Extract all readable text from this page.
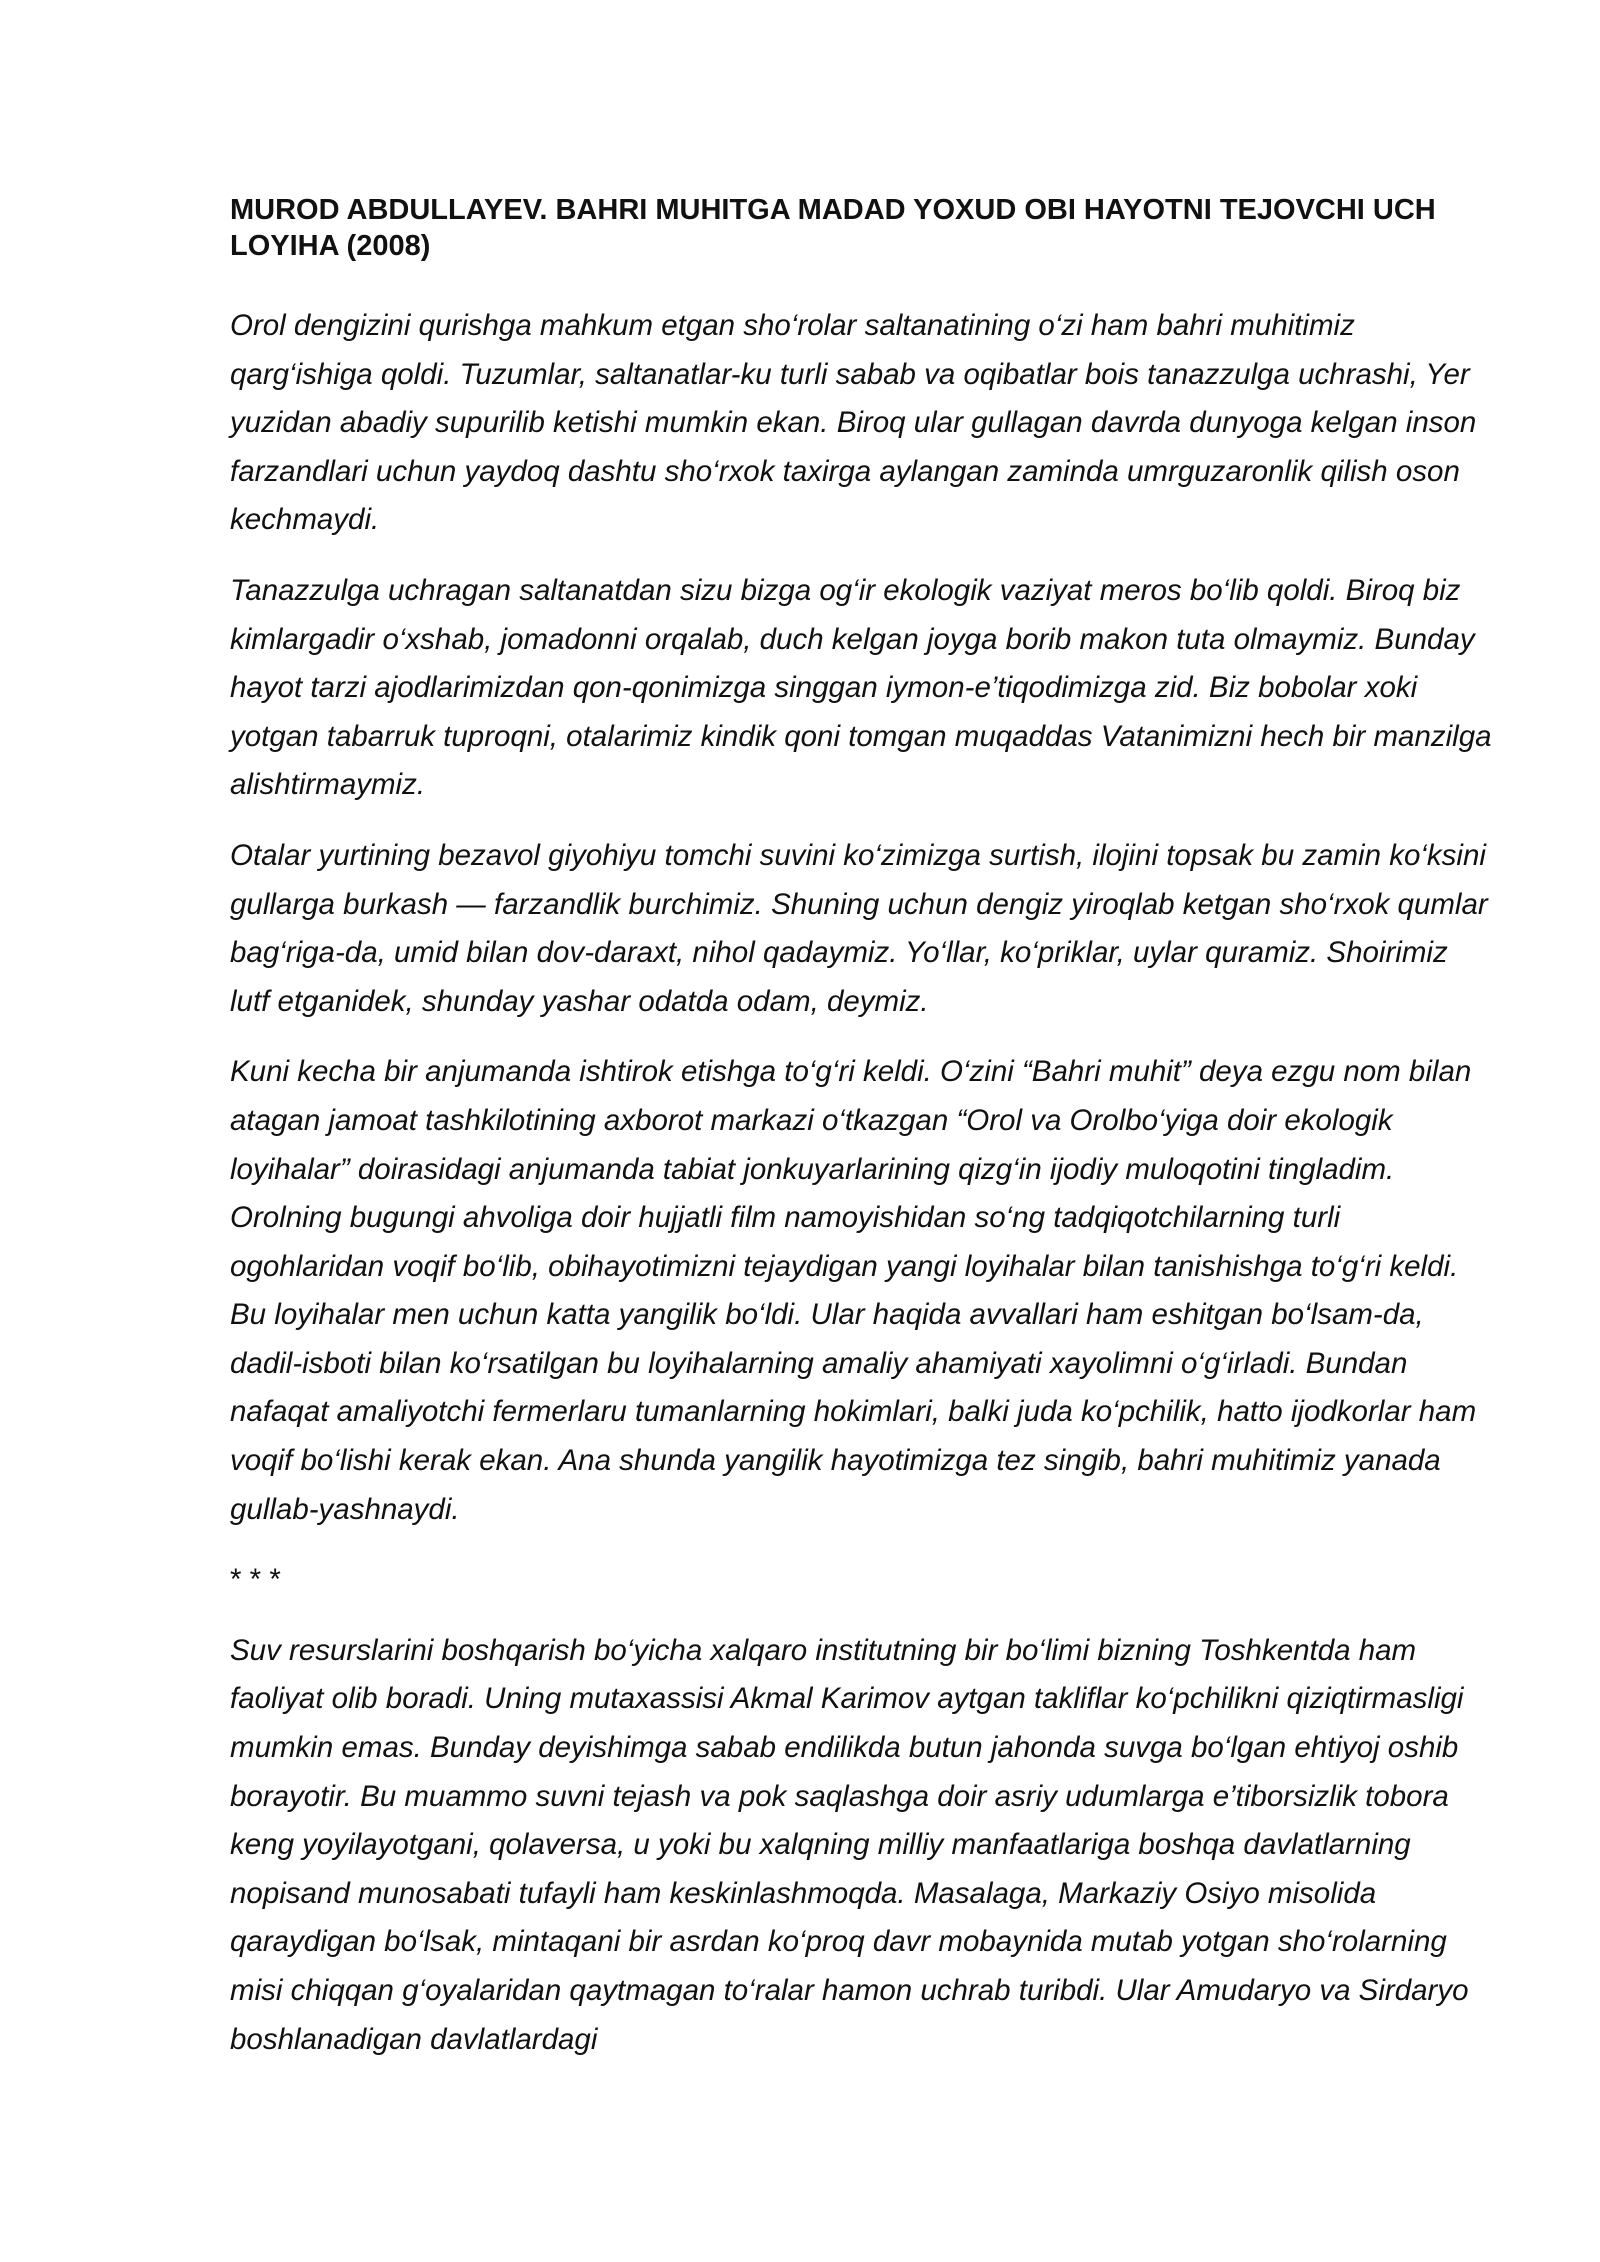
MUROD ABDULLAYEV. BAHRI MUHITGA MADAD YOXUD OBI HAYOTNI TEJOVCHI UCH LOYIHA (2008)

Orol dengizini qurishga mahkum etgan sho‘rolar saltanatining o‘zi ham bahri muhitimiz qarg‘ishiga qoldi. Tuzumlar, saltanatlar-ku turli sabab va oqibatlar bois tanazzulga uchrashi, Yer yuzidan abadiy supurilib ketishi mumkin ekan. Biroq ular gullagan davrda dunyoga kelgan inson farzandlari uchun yaydoq dashtu sho‘rxok taxirga aylangan zaminda umrguzaronlik qilish oson kechmaydi.

Tanazzulga uchragan saltanatdan sizu bizga og‘ir ekologik vaziyat meros bo‘lib qoldi. Biroq biz kimlargadir o‘xshab, jomadonni orqalab, duch kelgan joyga borib makon tuta olmaymiz. Bunday hayot tarzi ajodlarimizdan qon-qonimizga singgan iymon-e’tiqodimizga zid. Biz bobolar xoki yotgan tabarruk tuproqni, otalarimiz kindik qoni tomgan muqaddas Vatanimizni hech bir manzilga alishtirmaymiz.

Otalar yurtining bezavol giyohiyu tomchi suvini ko‘zimizga surtish, ilojini topsak bu zamin ko‘ksini gullarga burkash — farzandlik burchimiz. Shuning uchun dengiz yiroqlab ketgan sho‘rxok qumlar bag‘riga-da, umid bilan dov-daraxt, nihol qadaymiz. Yo‘llar, ko‘priklar, uylar quramiz. Shoirimiz lutf etganidek, shunday yashar odatda odam, deymiz.

Kuni kecha bir anjumanda ishtirok etishga to‘g‘ri keldi. O‘zini “Bahri muhit” deya ezgu nom bilan atagan jamoat tashkilotining axborot markazi o‘tkazgan “Orol va Orolbo‘yiga doir ekologik loyihalar” doirasidagi anjumanda tabiat jonkuyarlarining qizg‘in ijodiy muloqotini tingladim. Orolning bugungi ahvoliga doir hujjatli film namoyishidan so‘ng tadqiqotchilarning turli ogohlaridan voqif bo‘lib, obihayotimizni tejaydigan yangi loyihalar bilan tanishishga to‘g‘ri keldi. Bu loyihalar men uchun katta yangilik bo‘ldi. Ular haqida avvallari ham eshitgan bo‘lsam-da, dadil-isboti bilan ko‘rsatilgan bu loyihalarning amaliy ahamiyati xayolimni o‘g‘irladi. Bundan nafaqat amaliyotchi fermerlaru tumanlarning hokimlari, balki juda ko‘pchilik, hatto ijodkorlar ham voqif bo‘lishi kerak ekan. Ana shunda yangilik hayotimizga tez singib, bahri muhitimiz yanada gullab-yashnaydi.

* * *

Suv resurslarini boshqarish bo‘yicha xalqaro institutning bir bo‘limi bizning Toshkentda ham faoliyat olib boradi. Uning mutaxassisi Akmal Karimov aytgan takliflar ko‘pchilikni qiziqtirmasligi mumkin emas. Bunday deyishimga sabab endilikda butun jahonda suvga bo‘lgan ehtiyoj oshib borayotir. Bu muammo suvni tejash va pok saqlashga doir asriy udumlarga e’tiborsizlik tobora keng yoyilayotgani, qolaversa, u yoki bu xalqning milliy manfaatlariga boshqa davlatlarning nopisand munosabati tufayli ham keskinlashmoqda. Masalaga, Markaziy Osiyo misolida qaraydigan bo‘lsak, mintaqani bir asrdan ko‘proq davr mobaynida mutab yotgan sho‘rolarning misi chiqqan g‘oyalaridan qaytmagan to‘ralar hamon uchrab turibdi. Ular Amudaryo va Sirdaryo boshlanadigan davlatlardagi
